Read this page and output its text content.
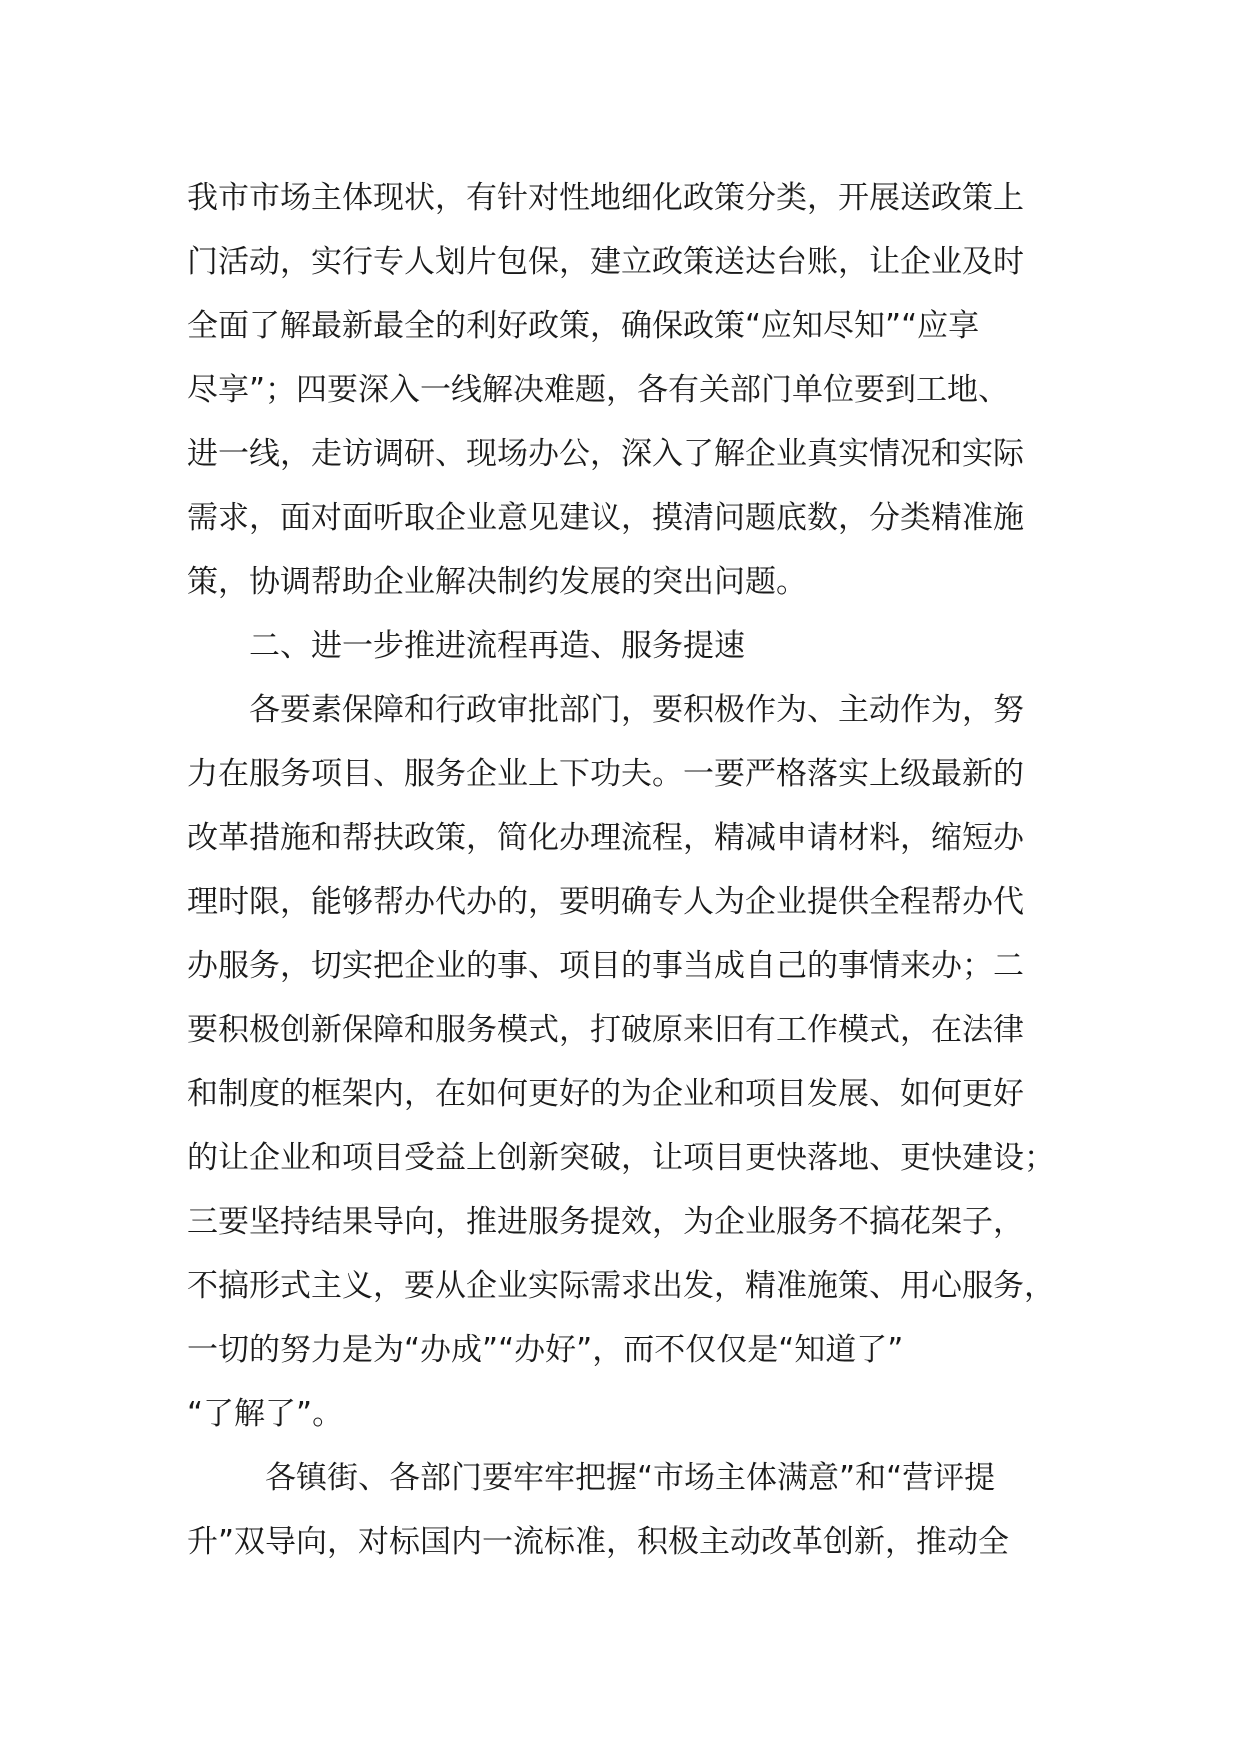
我市市场主体现状，有针对性地细化政策分类，开展送政策上
门活动，实行专人划片包保，建立政策送达台账，让企业及时
全面了解最新最全的利好政策，确保政策“应知尽知”“应享
尽享”；四要深入一线解决难题，各有关部门单位要到工地、
进一线，走访调研、现场办公，深入了解企业真实情况和实际
需求，面对面听取企业意见建议，摸清问题底数，分类精准施
策，协调帮助企业解决制约发展的突出问题。
二、进一步推进流程再造、服务提速
各要素保障和行政审批部门，要积极作为、主动作为，努
力在服务项目、服务企业上下功夫。一要严格落实上级最新的
改革措施和帮扶政策，简化办理流程，精减申请材料，缩短办
理时限，能够帮办代办的，要明确专人为企业提供全程帮办代
办服务，切实把企业的事、项目的事当成自己的事情来办；二
要积极创新保障和服务模式，打破原来旧有工作模式，在法律
和制度的框架内，在如何更好的为企业和项目发展、如何更好
的让企业和项目受益上创新突破，让项目更快落地、更快建设；
三要坚持结果导向，推进服务提效，为企业服务不搞花架子，
不搞形式主义，要从企业实际需求出发，精准施策、用心服务，
一切的努力是为“办成”“办好”，而不仅仅是“知道了”
“了解了”。
各镇街、各部门要牢牢把握“市场主体满意”和“营评提
升”双导向，对标国内一流标准，积极主动改革创新，推动全
